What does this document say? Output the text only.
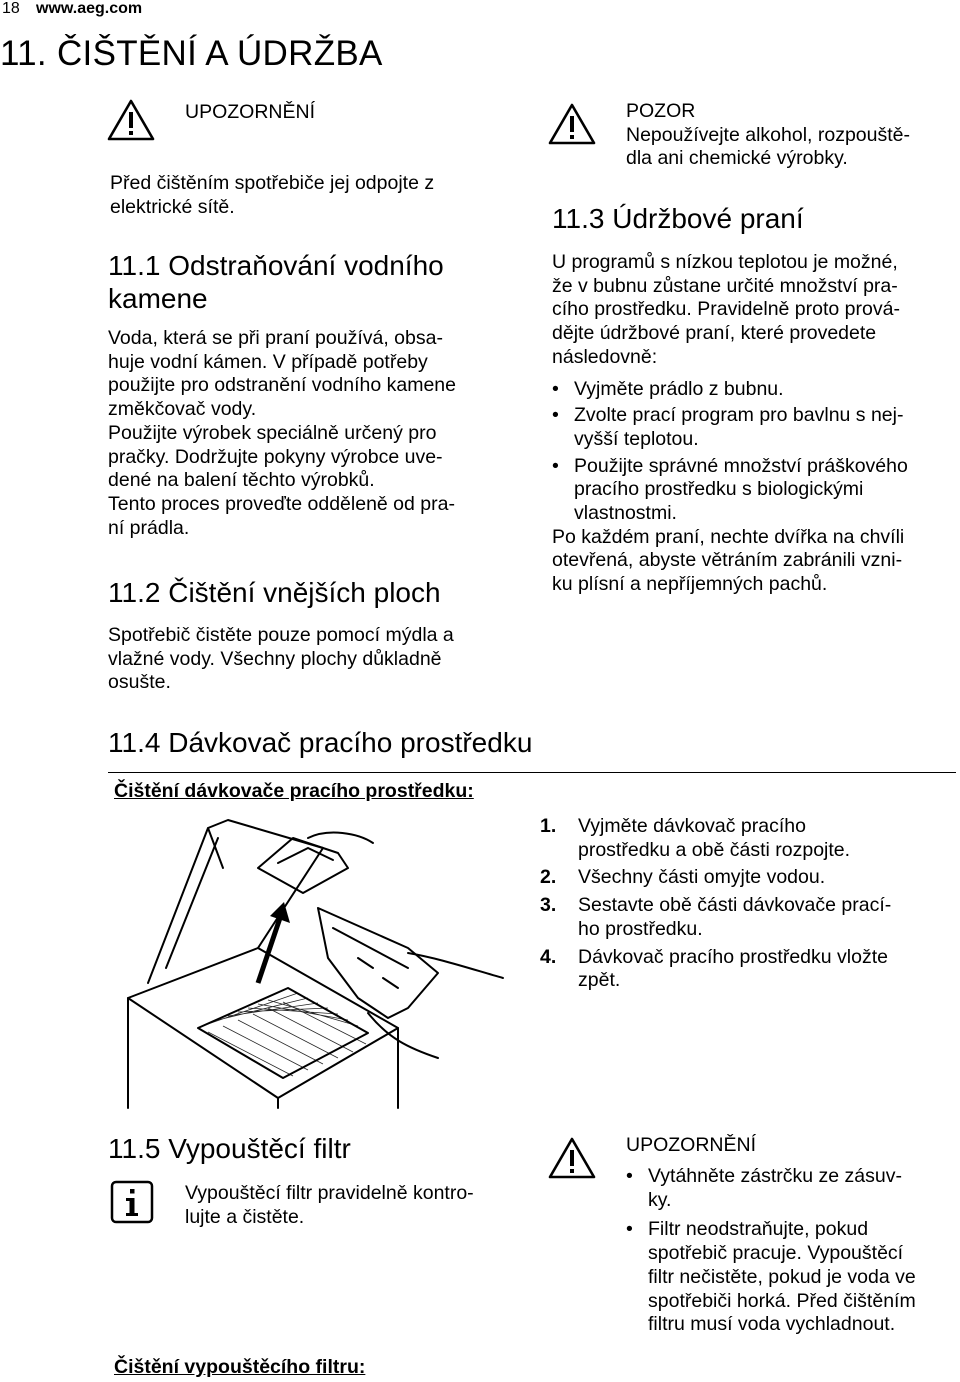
18 www.aeg.com
11. ČIŠTĚNÍ A ÚDRŽBA
UPOZORNĚNÍ
Před čištěním spotřebiče jej odpojte z
elektrické sítě.
11.1 Odstraňování vodního
kamene
Voda, která se při praní používá, obsa-
huje vodní kámen. V případě potřeby
použijte pro odstranění vodního kamene
změkčovač vody.
Použijte výrobek speciálně určený pro
pračky. Dodržujte pokyny výrobce uve-
dené na balení těchto výrobků.
Tento proces proveďte odděleně od pra-
ní prádla.
11.2 Čištění vnějších ploch
Spotřebič čistěte pouze pomocí mýdla a
vlažné vody. Všechny plochy důkladně
osušte.
POZOR
Nepoužívejte alkohol, rozpouště-
dla ani chemické výrobky.
11.3 Údržbové praní
U programů s nízkou teplotou je možné,
že v bubnu zůstane určité množství pra-
cího prostředku. Pravidelně proto prová-
dějte údržbové praní, které provedete
následovně:
• Vyjměte prádlo z bubnu.
• Zvolte prací program pro bavlnu s nej-
vyšší teplotou.
• Použijte správné množství práškového
pracího prostředku s biologickými
vlastnostmi.
Po každém praní, nechte dvířka na chvíli
otevřená, abyste větráním zabránili vzni-
ku plísní a nepříjemných pachů.
11.4 Dávkovač pracího prostředku
Čištění dávkovače pracího prostředku:
1. Vyjměte dávkovač pracího
prostředku a obě části rozpojte.
2. Všechny části omyjte vodou.
3. Sestavte obě části dávkovače prací-
ho prostředku.
4. Dávkovač pracího prostředku vložte
zpět.
11.5 Vypouštěcí filtr
Vypouštěcí filtr pravidelně kontro-
lujte a čistěte.
Čištění vypouštěcího filtru:
UPOZORNĚNÍ
• Vytáhněte zástrčku ze zásuv-
ky.
• Filtr neodstraňujte, pokud
spotřebič pracuje. Vypouštěcí
filtr nečistěte, pokud je voda ve
spotřebiči horká. Před čištěním
filtru musí voda vychladnout.
